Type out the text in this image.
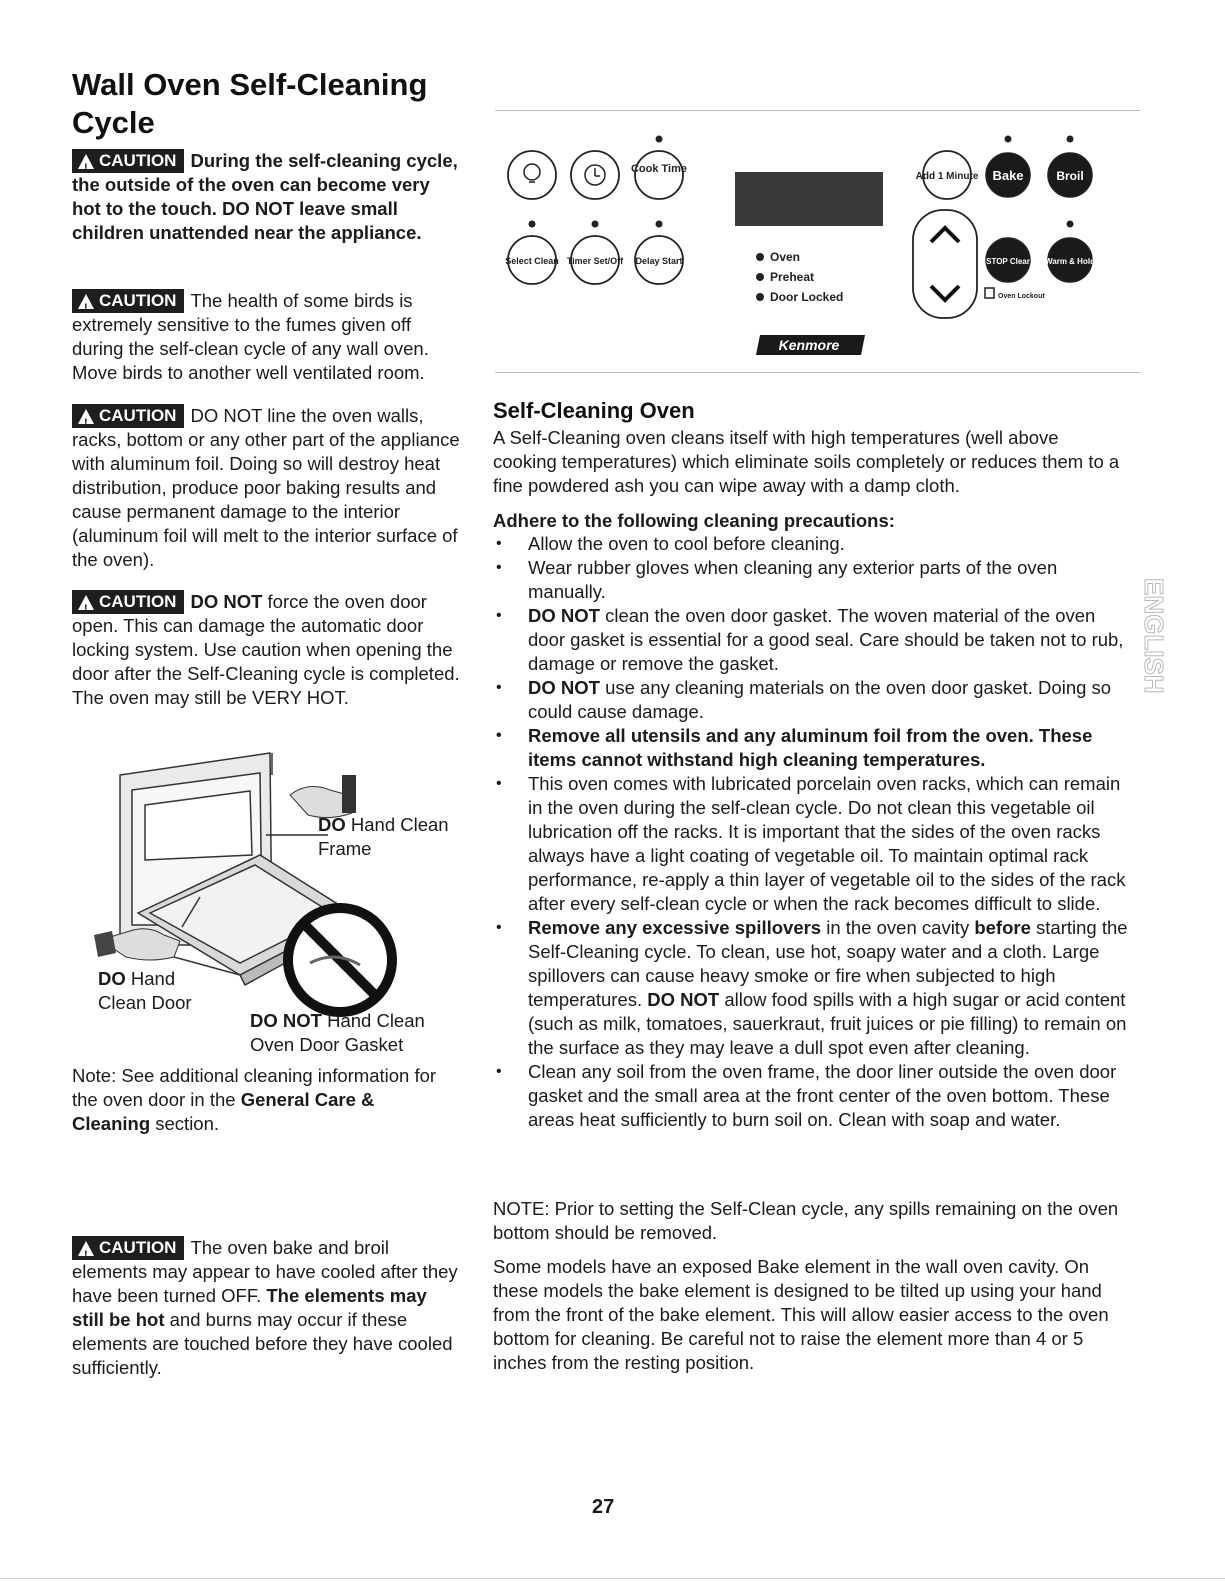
Wall Oven Self-Cleaning Cycle
!
CAUTION During the self-cleaning cycle, the outside of the oven can become very hot to the touch. DO NOT leave small children unattended near the appliance.
!
CAUTION The health of some birds is extremely sensitive to the fumes given off during the self-clean cycle of any wall oven. Move birds to another well ventilated room.
!
CAUTION DO NOT line the oven walls, racks, bottom or any other part of the appliance with aluminum foil. Doing so will destroy heat distribution, produce poor baking results and cause permanent damage to the interior (aluminum foil will melt to the interior surface of the oven).
!
CAUTION DO NOT force the oven door open. This can damage the automatic door locking system. Use caution when opening the door after the Self-Cleaning cycle is completed. The oven may still be VERY HOT.
DO Hand Clean Frame
DO Hand Clean Door
DO NOT Hand Clean Oven Door Gasket
Note: See additional cleaning information for the oven door in the General Care & Cleaning section.
!
CAUTION The oven bake and broil elements may appear to have cooled after they have been turned OFF. The elements may still be hot and burns may occur if these elements are touched before they have cooled sufficiently.
Cook Time
Select Clean Timer Set/Off Delay Start
Add 1 Minute Bake	Broil
STOP Clear Warm & Hold
Oven
Preheat
Door Locked	Oven Lockout
Kenmore
Self-Cleaning Oven
A Self-Cleaning oven cleans itself with high temperatures (well above cooking temperatures) which eliminate soils completely or reduces them to a fine powdered ash you can wipe away with a damp cloth.
Adhere to the following cleaning precautions:
• Allow the oven to cool before cleaning.
• Wear rubber gloves when cleaning any exterior parts of the oven manually.
• DO NOT clean the oven door gasket. The woven material of the oven door gasket is essential for a good seal. Care should be taken not to rub, damage or remove the gasket.
• DO NOT use any cleaning materials on the oven door gasket. Doing so could cause damage.
• Remove all utensils and any aluminum foil from the oven. These items cannot withstand high cleaning temperatures.
• This oven comes with lubricated porcelain oven racks, which can remain in the oven during the self-clean cycle. Do not clean this vegetable oil lubrication off the racks. It is important that the sides of the oven racks always have a light coating of vegetable oil. To maintain optimal rack performance, re-apply a thin layer of vegetable oil to the sides of the rack after every self-clean cycle or when the rack becomes difficult to slide.
• Remove any excessive spillovers in the oven cavity before starting the Self-Cleaning cycle. To clean, use hot, soapy water and a cloth. Large spillovers can cause heavy smoke or fire when subjected to high temperatures. DO NOT allow food spills with a high sugar or acid content (such as milk, tomatoes, sauerkraut, fruit juices or pie filling) to remain on the surface as they may leave a dull spot even after cleaning.
• Clean any soil from the oven frame, the door liner outside the oven door gasket and the small area at the front center of the oven bottom. These areas heat sufficiently to burn soil on. Clean with soap and water.
NOTE: Prior to setting the Self-Clean cycle, any spills remaining on the oven bottom should be removed.
Some models have an exposed Bake element in the wall oven cavity. On these models the bake element is designed to be tilted up using your hand from the front of the bake element. This will allow easier access to the oven bottom for cleaning. Be careful not to raise the element more than 4 or 5 inches from the resting position.
ENGLISH
27
